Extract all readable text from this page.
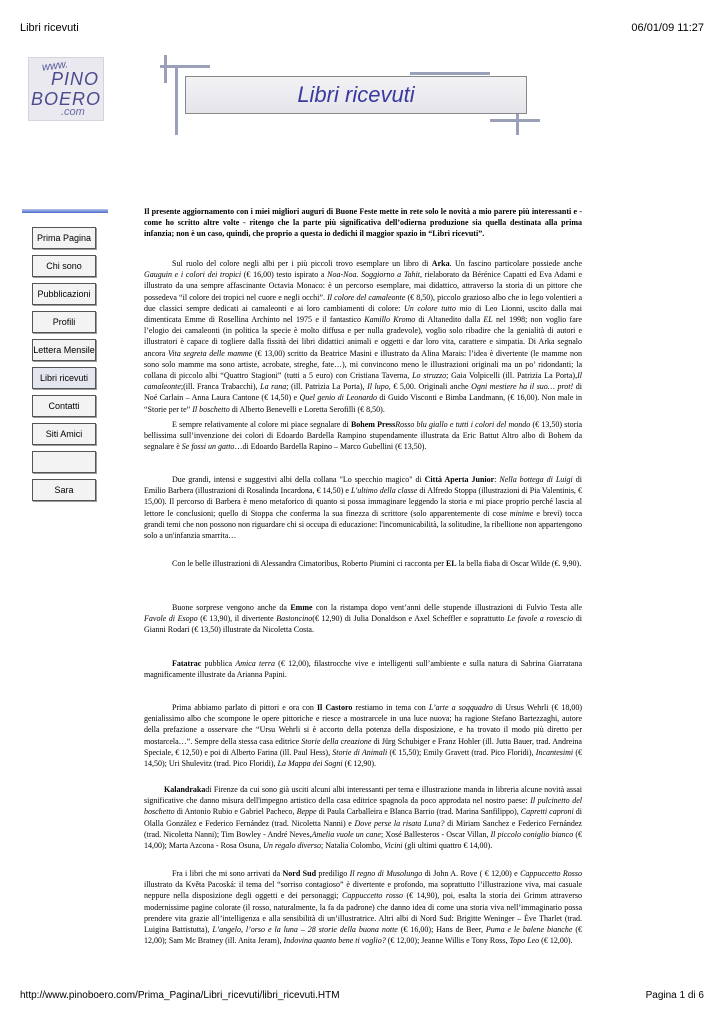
Libri ricevuti	06/01/09 11:27
www.
PINO
BOERO
.com
Libri ricevuti
Prima Pagina
Chi sono
Pubblicazioni
Profili
Lettera Mensile
Libri ricevuti
Contatti
Siti Amici
Sara
Il presente aggiornamento con i miei migliori auguri di Buone Feste mette in rete solo le novità a mio parere più interessanti e - come ho scritto altre volte - ritengo che la parte più significativa dell’odierna produzione sia quella destinata alla prima infanzia; non è un caso, quindi, che proprio a questa io dedichi il maggior spazio in “Libri ricevuti”.
Sul ruolo del colore negli albi per i più piccoli trovo esemplare un libro di Arka. Un fascino particolare possiede anche Gauguin e i colori dei tropici (€ 16,00) testo ispirato a Noa-Noa. Soggiorno a Tahit, rielaborato da Bérénice Capatti ed Eva Adami e illustrato da una sempre affascinante Octavia Monaco: è un percorso esemplare, mai didattico, attraverso la storia di un pittore che possedeva “il colore dei tropici nel cuore e negli occhi”. Il colore del camaleonte (€ 8,50), piccolo grazioso albo che io lego volentieri a due classici sempre dedicati ai camaleonti e ai loro cambiamenti di colore: Un colore tutto mio di Leo Lionni, uscito dalla mai dimenticata Emme di Rosellina Archinto nel 1975 e il fantastico Kamillo Kromo di Altanedito dalla EL nel 1998; non voglio fare l’elogio dei camaleonti (in politica la specie è molto diffusa e per nulla gradevole), voglio solo ribadire che la genialità di autori e illustratori è capace di togliere dalla fissità dei libri didattici animali e oggetti e dar loro vita, carattere e simpatia. Di Arka segnalo ancora Vita segreta delle mamme (€ 13,00) scritto da Beatrice Masini e illustrato da Alina Marais: l’idea è divertente (le mamme non sono solo mamme ma sono artiste, acrobate, streghe, fate…), mi convincono meno le illustrazioni originali ma un po’ ridondanti; la collana di piccolo albi “Quattro Stagioni” (tutti a 5 euro) con Cristiana Taverna, Lo struzzo; Gaia Volpicelli (ill. Patrizia La Porta),Il camaleonte;(ill. Franca Trabacchi), La rana; (ill. Patrizia La Porta), Il lupo, € 5,00. Originali anche Ogni mestiere ha il suo… prot! di Noé Carlain – Anna Laura Cantone (€ 14,50) e Quel genio di Leonardo di Guido Visconti e Bimba Landmann, (€ 16,00). Non male in “Storie per te” Il boschetto di Alberto Benevelli e Loretta Serofilli (€ 8,50).
E sempre relativamente al colore mi piace segnalare di Bohem PressRosso blu giallo e tutti i colori del mondo (€ 13,50) storia bellissima sull’invenzione dei colori di Edoardo Bardella Rampino stupendamente illustrata da Eric Battut Altro albo di Bohem da segnalare è Se fossi un gatto…di Edoardo Bardella Rapino – Marco Gubellini (€ 13,50).
Due grandi, intensi e suggestivi albi della collana "Lo specchio magico" di Città Aperta Junior: Nella bottega di Luigi di Emilio Barbera (illustrazioni di Rosalinda Incardona, € 14,50) e L'ultimo della classe di Alfredo Stoppa (illustrazioni di Pia Valentinis, € 15,00). Il percorso di Barbera è meno metaforico di quanto si possa immaginare leggendo la storia e mi piace proprio perché lascia al lettore le conclusioni; quello di Stoppa che conferma la sua finezza di scrittore (solo apparentemente di cose minime e brevi) tocca grandi temi che non possono non riguardare chi si occupa di educazione: l'incomunicabilità, la solitudine, la ribellione non appartengono solo a un'infanzia smarrita…
Con le belle illustrazioni di Alessandra Cimatoribus, Roberto Piumini ci racconta per EL la bella fiaba di Oscar Wilde (€. 9,90).
Buone sorprese vengono anche da Emme con la ristampa dopo vent’anni delle stupende illustrazioni di Fulvio Testa alle Favole di Esopo (€ 13,90), il divertente Bastoncino(€ 12,90) di Julia Donaldson e Axel Scheffler e soprattutto Le favole a rovescio di Gianni Rodari (€ 13,50) illustrate da Nicoletta Costa.
Fatatrac pubblica Amica terra (€ 12,00), filastrocche vive e intelligenti sull’ambiente e sulla natura di Sabrina Giarratana magnificamente illustrate da Arianna Papini.
Prima abbiamo parlato di pittori e ora con Il Castoro restiamo in tema con L’arte a soqquadro di Ursus Wehrli (€ 18,00) genialissimo albo che scompone le opere pittoriche e riesce a mostrarcele in una luce nuova; ha ragione Stefano Bartezzaghi, autore della prefazione a osservare che “Ursu Wehrli si è accorto della potenza della disposizione, e ha trovato il modo più diretto per mostarcela…”. Sempre della stessa casa editrice Storie della creazione di Jürg Schubiger e Franz Hohler (ill. Jutta Bauer, trad. Andreina Speciale, € 12,50) e poi di Alberto Farina (ill. Paul Hess), Storie di Animali (€ 15,50); Emily Gravett (trad. Pico Floridi), Incantesimi (€ 14,50); Uri Shulevitz (trad. Pico Floridi), La Mappa dei Sogni (€ 12,90).
Kalandrakadi Firenze da cui sono già usciti alcuni albi interessanti per tema e illustrazione manda in libreria alcune novità assai significative che danno misura dell'impegno artistico della casa editrice spagnola da poco approdata nel nostro paese: Il pulcinetto del boschetto di Antonio Rubio e Gabriel Pacheco, Beppe di Paula Carballeira e Blanca Barrio (trad. Marina Sanfilippo), Capretti caproni di Olalla González e Federico Fernández (trad. Nicoletta Nanni) e Dove perse la risata Luna? di Miriam Sanchez e Federico Fernández (trad. Nicoletta Nanni); Tim Bowley - André Neves,Amelia vuole un cane; Xosé Ballesteros - Oscar Villan, Il piccolo coniglio bianco (€ 14,00); Marta Azcona - Rosa Osuna, Un regalo diverso; Natalia Colombo, Vicini (gli ultimi quattro € 14,00).
Fra i libri che mi sono arrivati da Nord Sud prediligo Il regno di Musolungo di John A. Rove ( € 12,00) e Cappuccetto Rosso illustrato da Květa Pacoská: il tema del “sorriso contagioso” è divertente e profondo, ma soprattutto l’illustrazione viva, mai casuale neppure nella disposizione degli oggetti e dei personaggi; Cappuccetto rosso (€ 14,90), poi, esalta la storia dei Grimm attraverso modernissime pagine colorate (il rosso, naturalmente, la fa da padrone) che danno idea di come una storia viva nell’immaginario possa prendere vita grazie all’intelligenza e alla sensibilità di un’illustratrice. Altri albi di Nord Sud: Brigitte Weninger – Ève Tharlet (trad. Luigina Battistutta), L’angelo, l’orso e la luna – 28 storie della buona notte (€ 16,00); Hans de Beer, Puma e le balene bianche (€ 12,00); Sam Mc Bratney (ill. Anita Jeram), Indovina quanto bene ti voglio? (€ 12,00); Jeanne Willis e Tony Ross, Topo Leo (€ 12,00).
http://www.pinoboero.com/Prima_Pagina/Libri_ricevuti/libri_ricevuti.HTM	Pagina 1 di 6
